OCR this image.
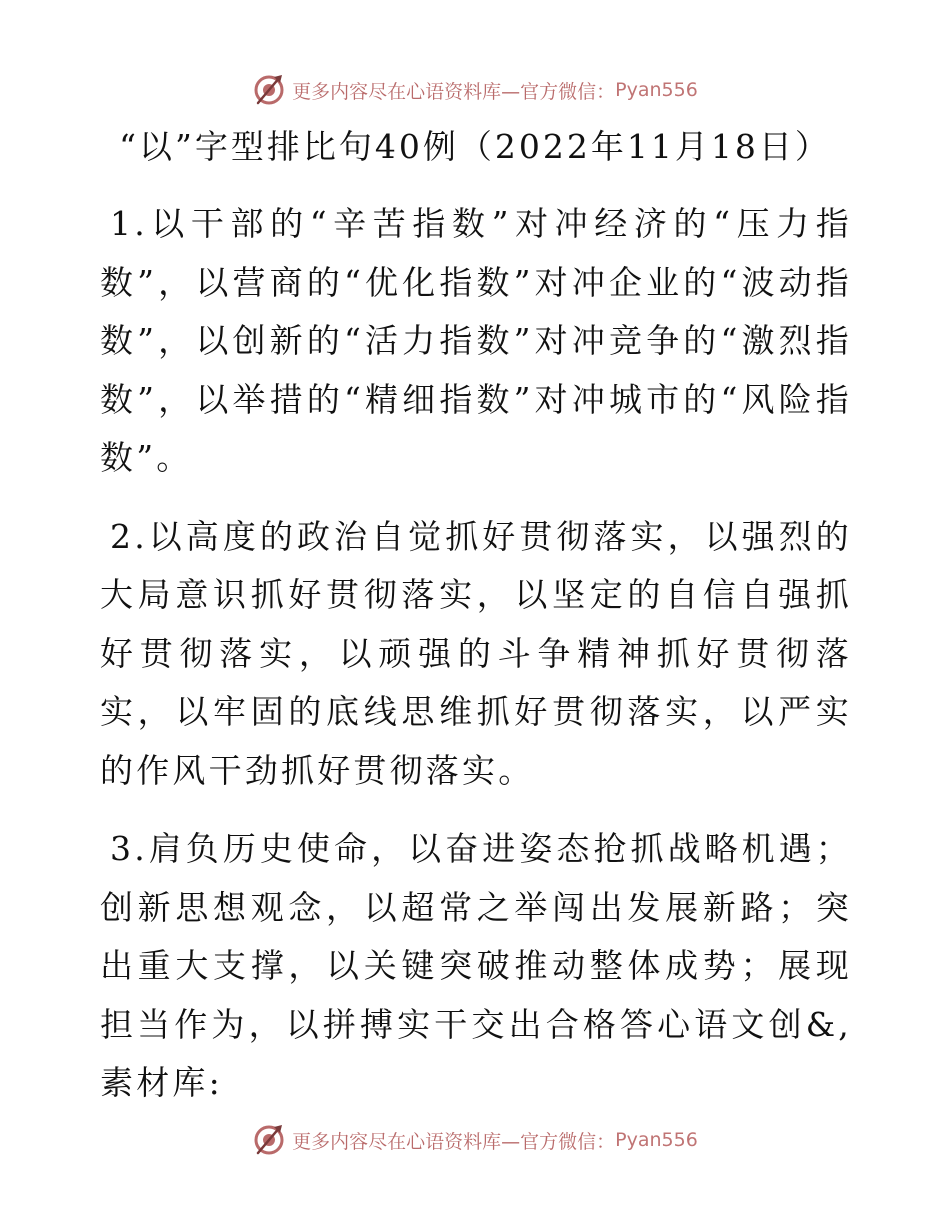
更多内容尽在心语资料库—官方微信： Pyan556
“以”字型排比句40例（2022年11月18日）

1.以干部的“辛苦指数”对冲经济的“压力指数”，以营商的“优化指数”对冲企业的“波动指数”，以创新的“活力指数”对冲竞争的“激烈指数”，以举措的“精细指数”对冲城市的“风险指数”。

2.以高度的政治自觉抓好贯彻落实，以强烈的大局意识抓好贯彻落实，以坚定的自信自强抓好贯彻落实，以顽强的斗争精神抓好贯彻落实，以牢固的底线思维抓好贯彻落实，以严实的作风干劲抓好贯彻落实。

3.肩负历史使命，以奋进姿态抢抓战略机遇；创新思想观念，以超常之举闯出发展新路；突出重大支撑，以关键突破推动整体成势；展现担当作为，以拼搏实干交出合格答心语文创&,素材库:

更多内容尽在心语资料库—官方微信： Pyan556
